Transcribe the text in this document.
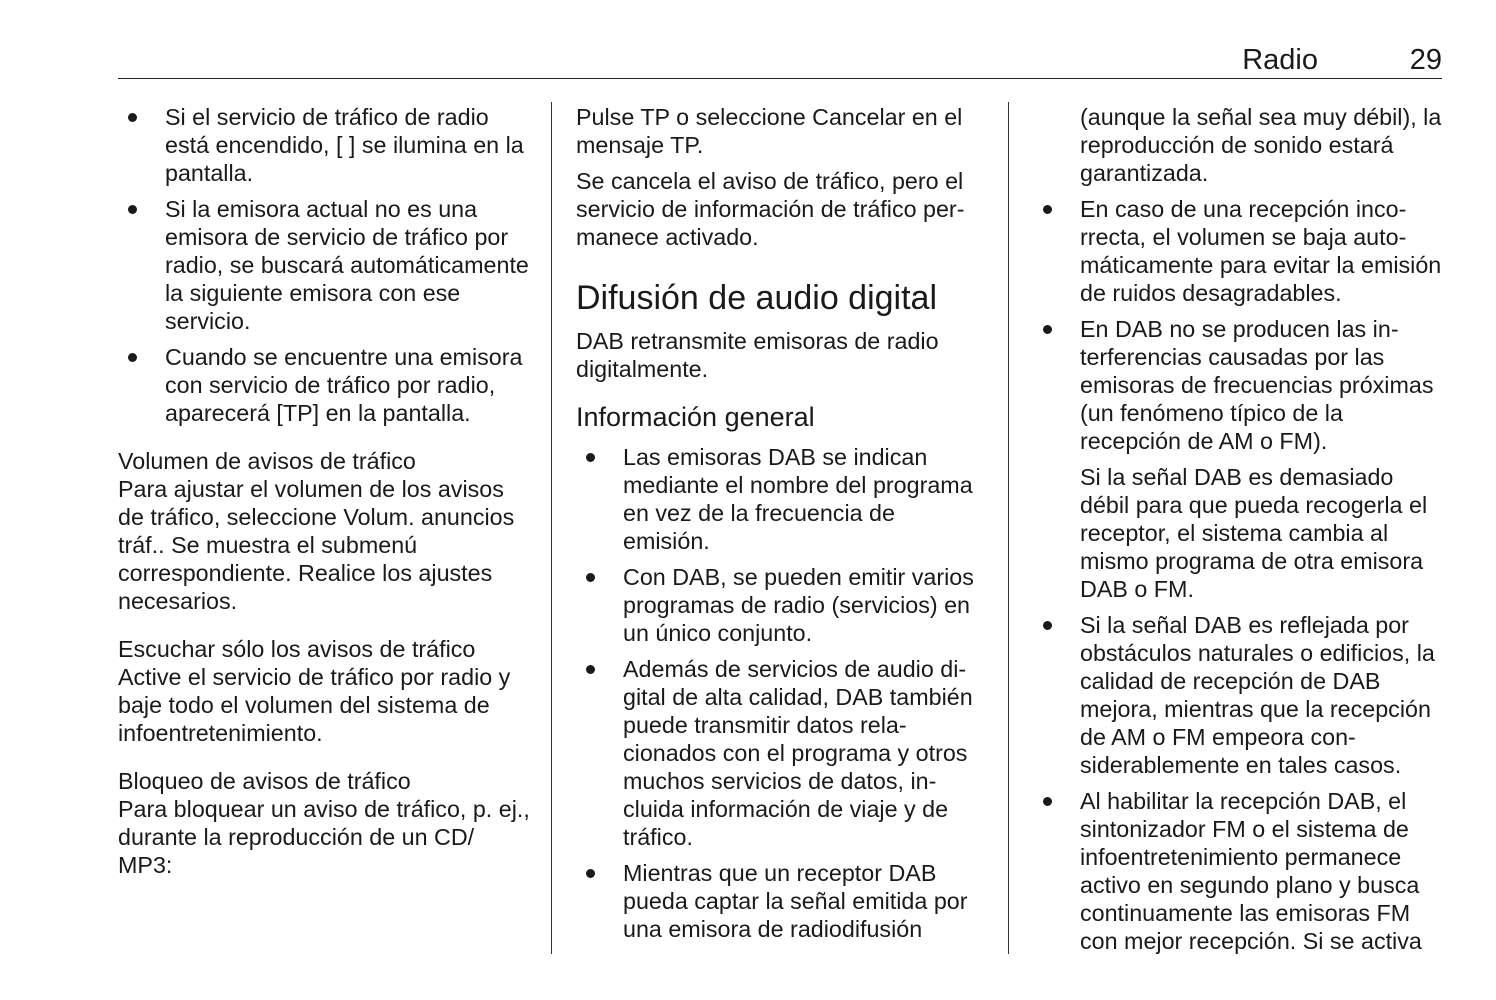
Radio	29
Si el servicio de tráfico de radio está encendido, [ ] se ilumina en la pantalla.
Si la emisora actual no es una emisora de servicio de tráfico por radio, se buscará automáticamente la siguiente emisora con ese servicio.
Cuando se encuentre una emisora con servicio de tráfico por radio, aparecerá [TP] en la pantalla.
Volumen de avisos de tráfico

Para ajustar el volumen de los avisos de tráfico, seleccione Volum. anuncios tráf.. Se muestra el submenú correspondiente. Realice los ajustes necesarios.

Escuchar sólo los avisos de tráfico

Active el servicio de tráfico por radio y baje todo el volumen del sistema de infoentretenimiento.

Bloqueo de avisos de tráfico

Para bloquear un aviso de tráfico, p. ej., durante la reproducción de un CD/ MP3:

Pulse TP o seleccione Cancelar en el mensaje TP.

Se cancela el aviso de tráfico, pero el servicio de información de tráfico permanece activado.

Difusión de audio digital

DAB retransmite emisoras de radio digitalmente.

Información general
Las emisoras DAB se indican mediante el nombre del programa en vez de la frecuencia de emisión.
Con DAB, se pueden emitir varios programas de radio (servicios) en un único conjunto.
Además de servicios de audio digital de alta calidad, DAB también puede transmitir datos relacionados con el programa y otros muchos servicios de datos, incluida información de viaje y de tráfico.
Mientras que un receptor DAB pueda captar la señal emitida por una emisora de radiodifusión

(aunque la señal sea muy débil), la reproducción de sonido estará garantizada.

En caso de una recepción incorrecta, el volumen se baja automáticamente para evitar la emisión de ruidos desagradables.
En DAB no se producen las interferencias causadas por las emisoras de frecuencias próximas (un fenómeno típico de la recepción de AM o FM).

Si la señal DAB es demasiado débil para que pueda recogerla el receptor, el sistema cambia al mismo programa de otra emisora DAB o FM.

Si la señal DAB es reflejada por obstáculos naturales o edificios, la calidad de recepción de DAB mejora, mientras que la recepción de AM o FM empeora considerablemente en tales casos.
Al habilitar la recepción DAB, el sintonizador FM o el sistema de infoentretenimiento permanece activo en segundo plano y busca continuamente las emisoras FM con mejor recepción. Si se activa
